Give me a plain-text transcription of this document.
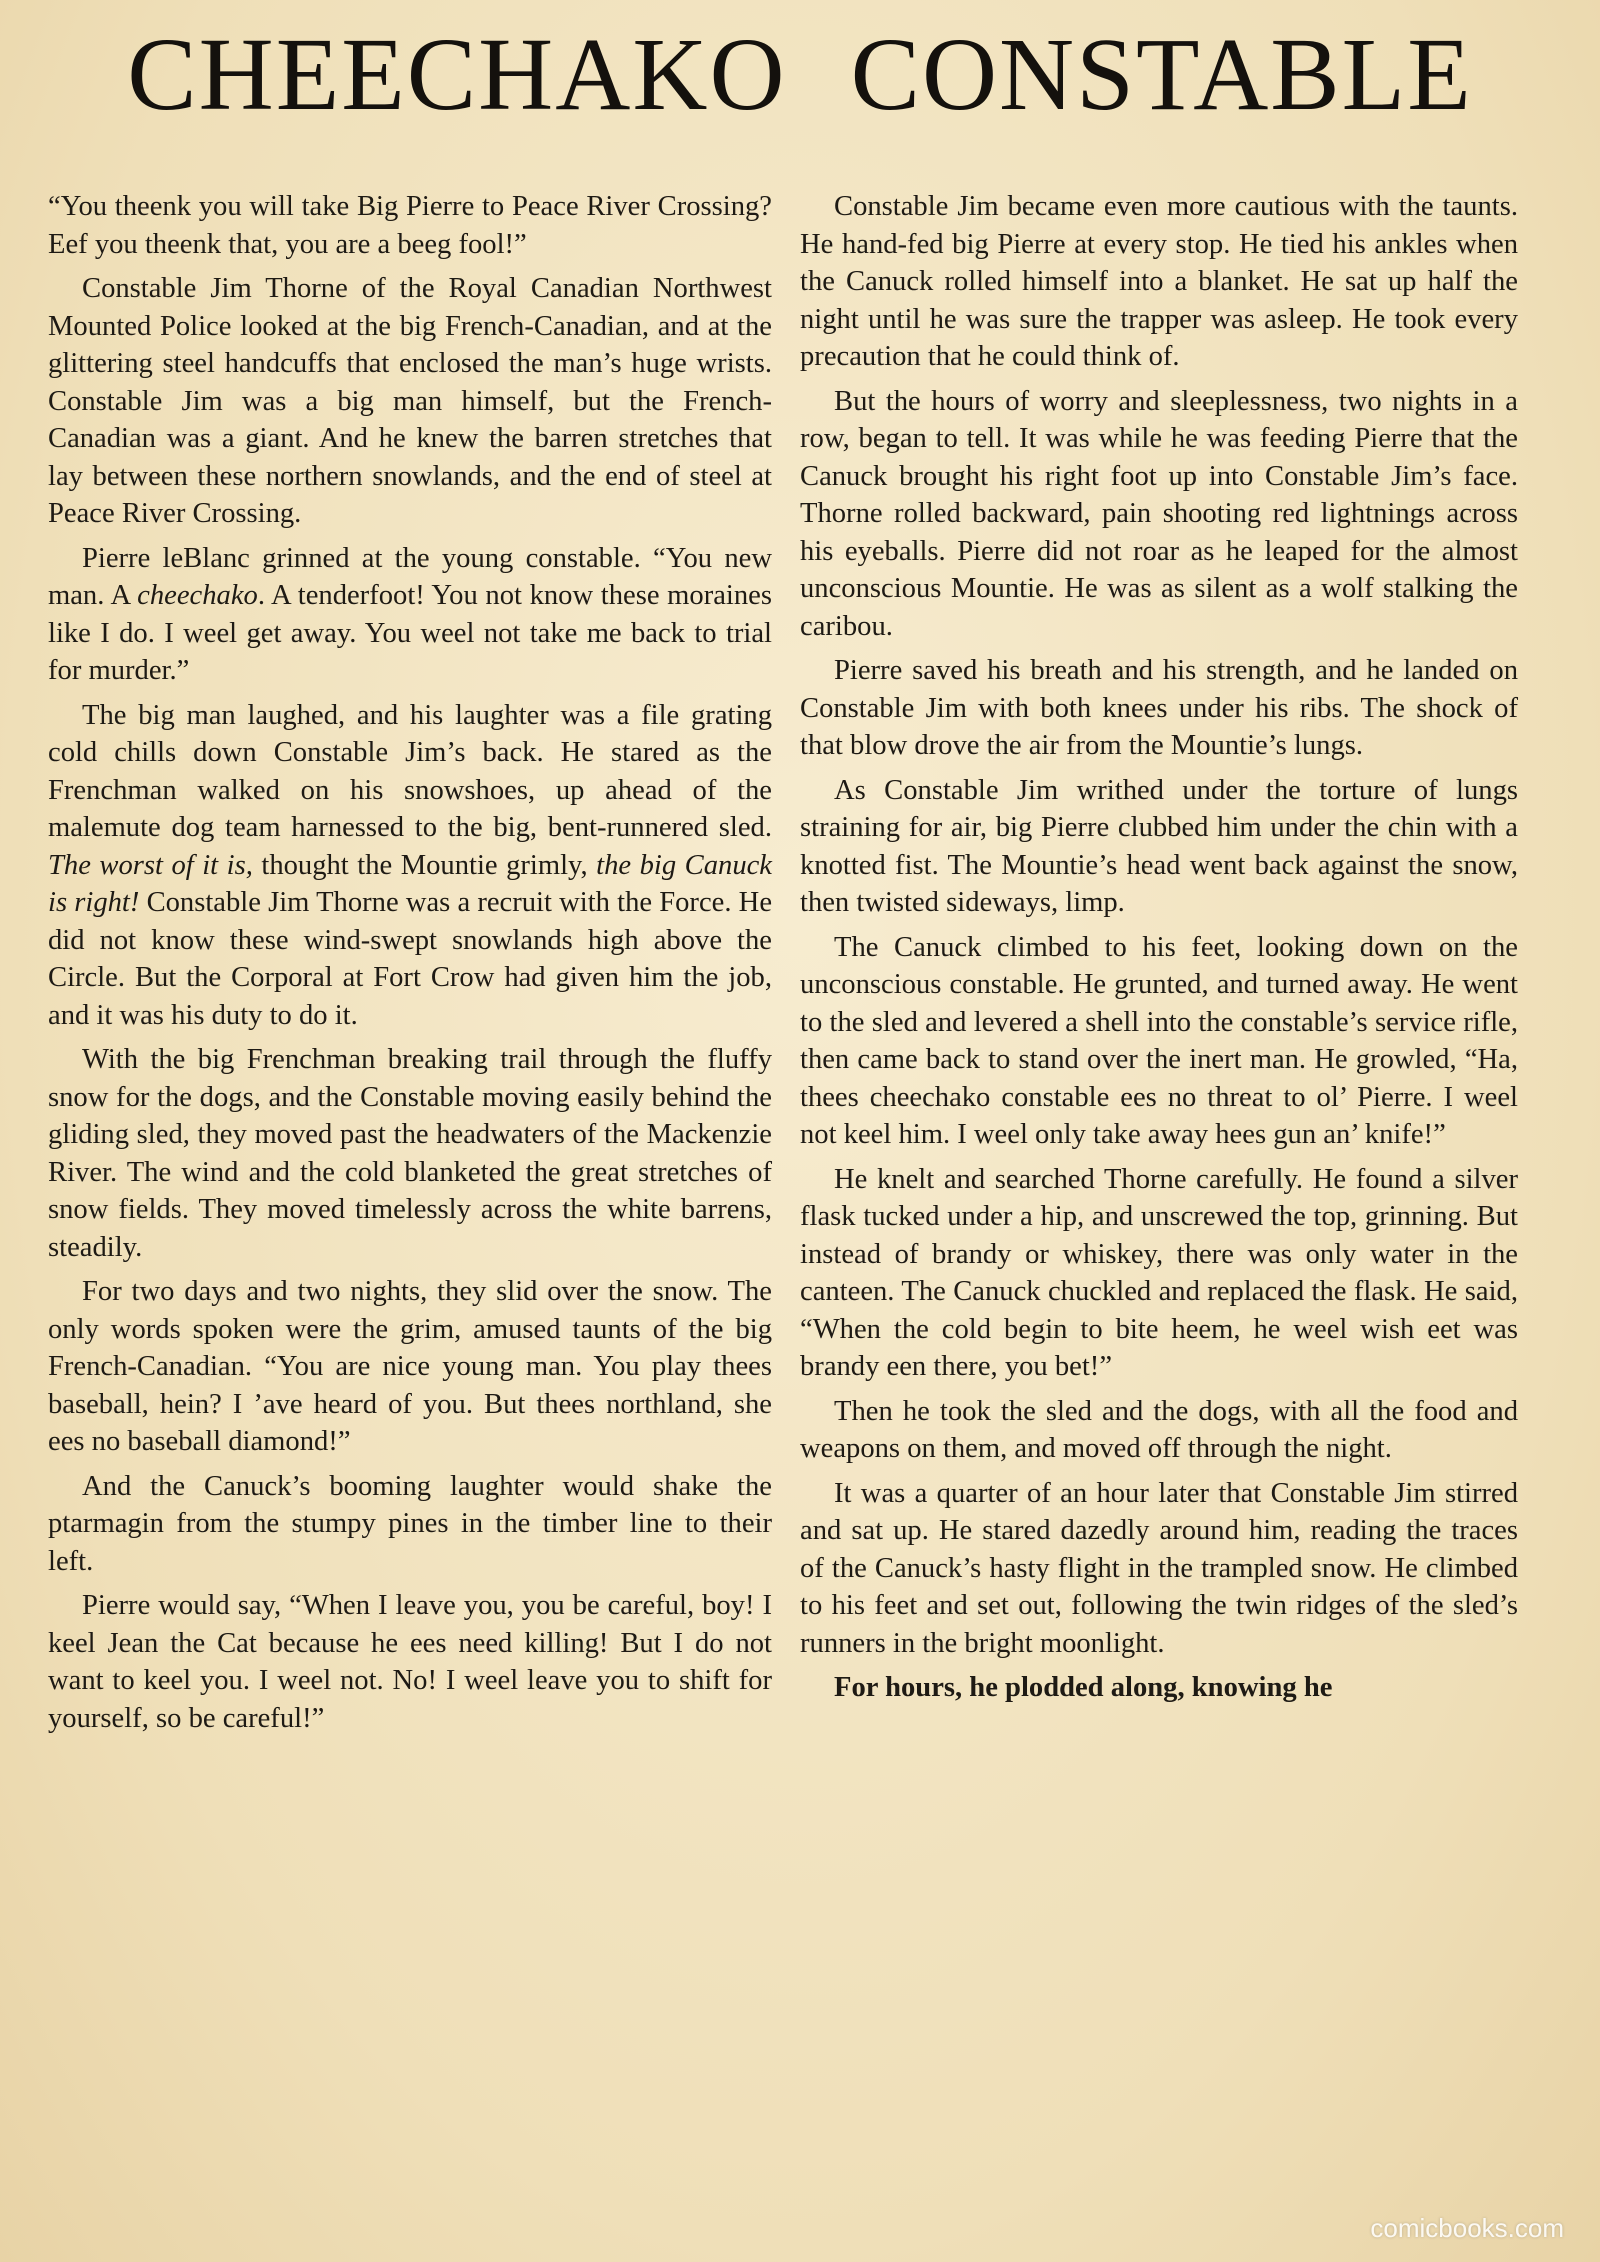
CHEECHAKO CONSTABLE

“You theenk you will take Big Pierre to Peace River Crossing? Eef you theenk that, you are a beeg fool!”

Constable Jim Thorne of the Royal Canadian Northwest Mounted Police looked at the big French-Canadian, and at the glittering steel handcuffs that enclosed the man’s huge wrists. Constable Jim was a big man himself, but the French-Canadian was a giant. And he knew the barren stretches that lay between these northern snowlands, and the end of steel at Peace River Crossing.

Pierre leBlanc grinned at the young constable. “You new man. A cheechako. A tenderfoot! You not know these moraines like I do. I weel get away. You weel not take me back to trial for murder.”

The big man laughed, and his laughter was a file grating cold chills down Constable Jim’s back. He stared as the Frenchman walked on his snowshoes, up ahead of the malemute dog team harnessed to the big, bent-runnered sled. The worst of it is, thought the Mountie grimly, the big Canuck is right! Constable Jim Thorne was a recruit with the Force. He did not know these wind-swept snowlands high above the Circle. But the Corporal at Fort Crow had given him the job, and it was his duty to do it.

With the big Frenchman breaking trail through the fluffy snow for the dogs, and the Constable moving easily behind the gliding sled, they moved past the headwaters of the Mackenzie River. The wind and the cold blanketed the great stretches of snow fields. They moved timelessly across the white barrens, steadily.

For two days and two nights, they slid over the snow. The only words spoken were the grim, amused taunts of the big French-Canadian. “You are nice young man. You play thees baseball, hein? I ’ave heard of you. But thees northland, she ees no baseball diamond!”

And the Canuck’s booming laughter would shake the ptarmagin from the stumpy pines in the timber line to their left.

Pierre would say, “When I leave you, you be careful, boy! I keel Jean the Cat because he ees need killing! But I do not want to keel you. I weel not. No! I weel leave you to shift for yourself, so be careful!”

Constable Jim became even more cautious with the taunts. He hand-fed big Pierre at every stop. He tied his ankles when the Canuck rolled himself into a blanket. He sat up half the night until he was sure the trapper was asleep. He took every precaution that he could think of.

But the hours of worry and sleeplessness, two nights in a row, began to tell. It was while he was feeding Pierre that the Canuck brought his right foot up into Constable Jim’s face. Thorne rolled backward, pain shooting red lightnings across his eyeballs. Pierre did not roar as he leaped for the almost unconscious Mountie. He was as silent as a wolf stalking the caribou.

Pierre saved his breath and his strength, and he landed on Constable Jim with both knees under his ribs. The shock of that blow drove the air from the Mountie’s lungs.

As Constable Jim writhed under the torture of lungs straining for air, big Pierre clubbed him under the chin with a knotted fist. The Mountie’s head went back against the snow, then twisted sideways, limp.

The Canuck climbed to his feet, looking down on the unconscious constable. He grunted, and turned away. He went to the sled and levered a shell into the constable’s service rifle, then came back to stand over the inert man. He growled, “Ha, thees cheechako constable ees no threat to ol’ Pierre. I weel not keel him. I weel only take away hees gun an’ knife!”

He knelt and searched Thorne carefully. He found a silver flask tucked under a hip, and unscrewed the top, grinning. But instead of brandy or whiskey, there was only water in the canteen. The Canuck chuckled and replaced the flask. He said, “When the cold begin to bite heem, he weel wish eet was brandy een there, you bet!”

Then he took the sled and the dogs, with all the food and weapons on them, and moved off through the night.

It was a quarter of an hour later that Constable Jim stirred and sat up. He stared dazedly around him, reading the traces of the Canuck’s hasty flight in the trampled snow. He climbed to his feet and set out, following the twin ridges of the sled’s runners in the bright moonlight.

For hours, he plodded along, knowing he

comicbooks.com
